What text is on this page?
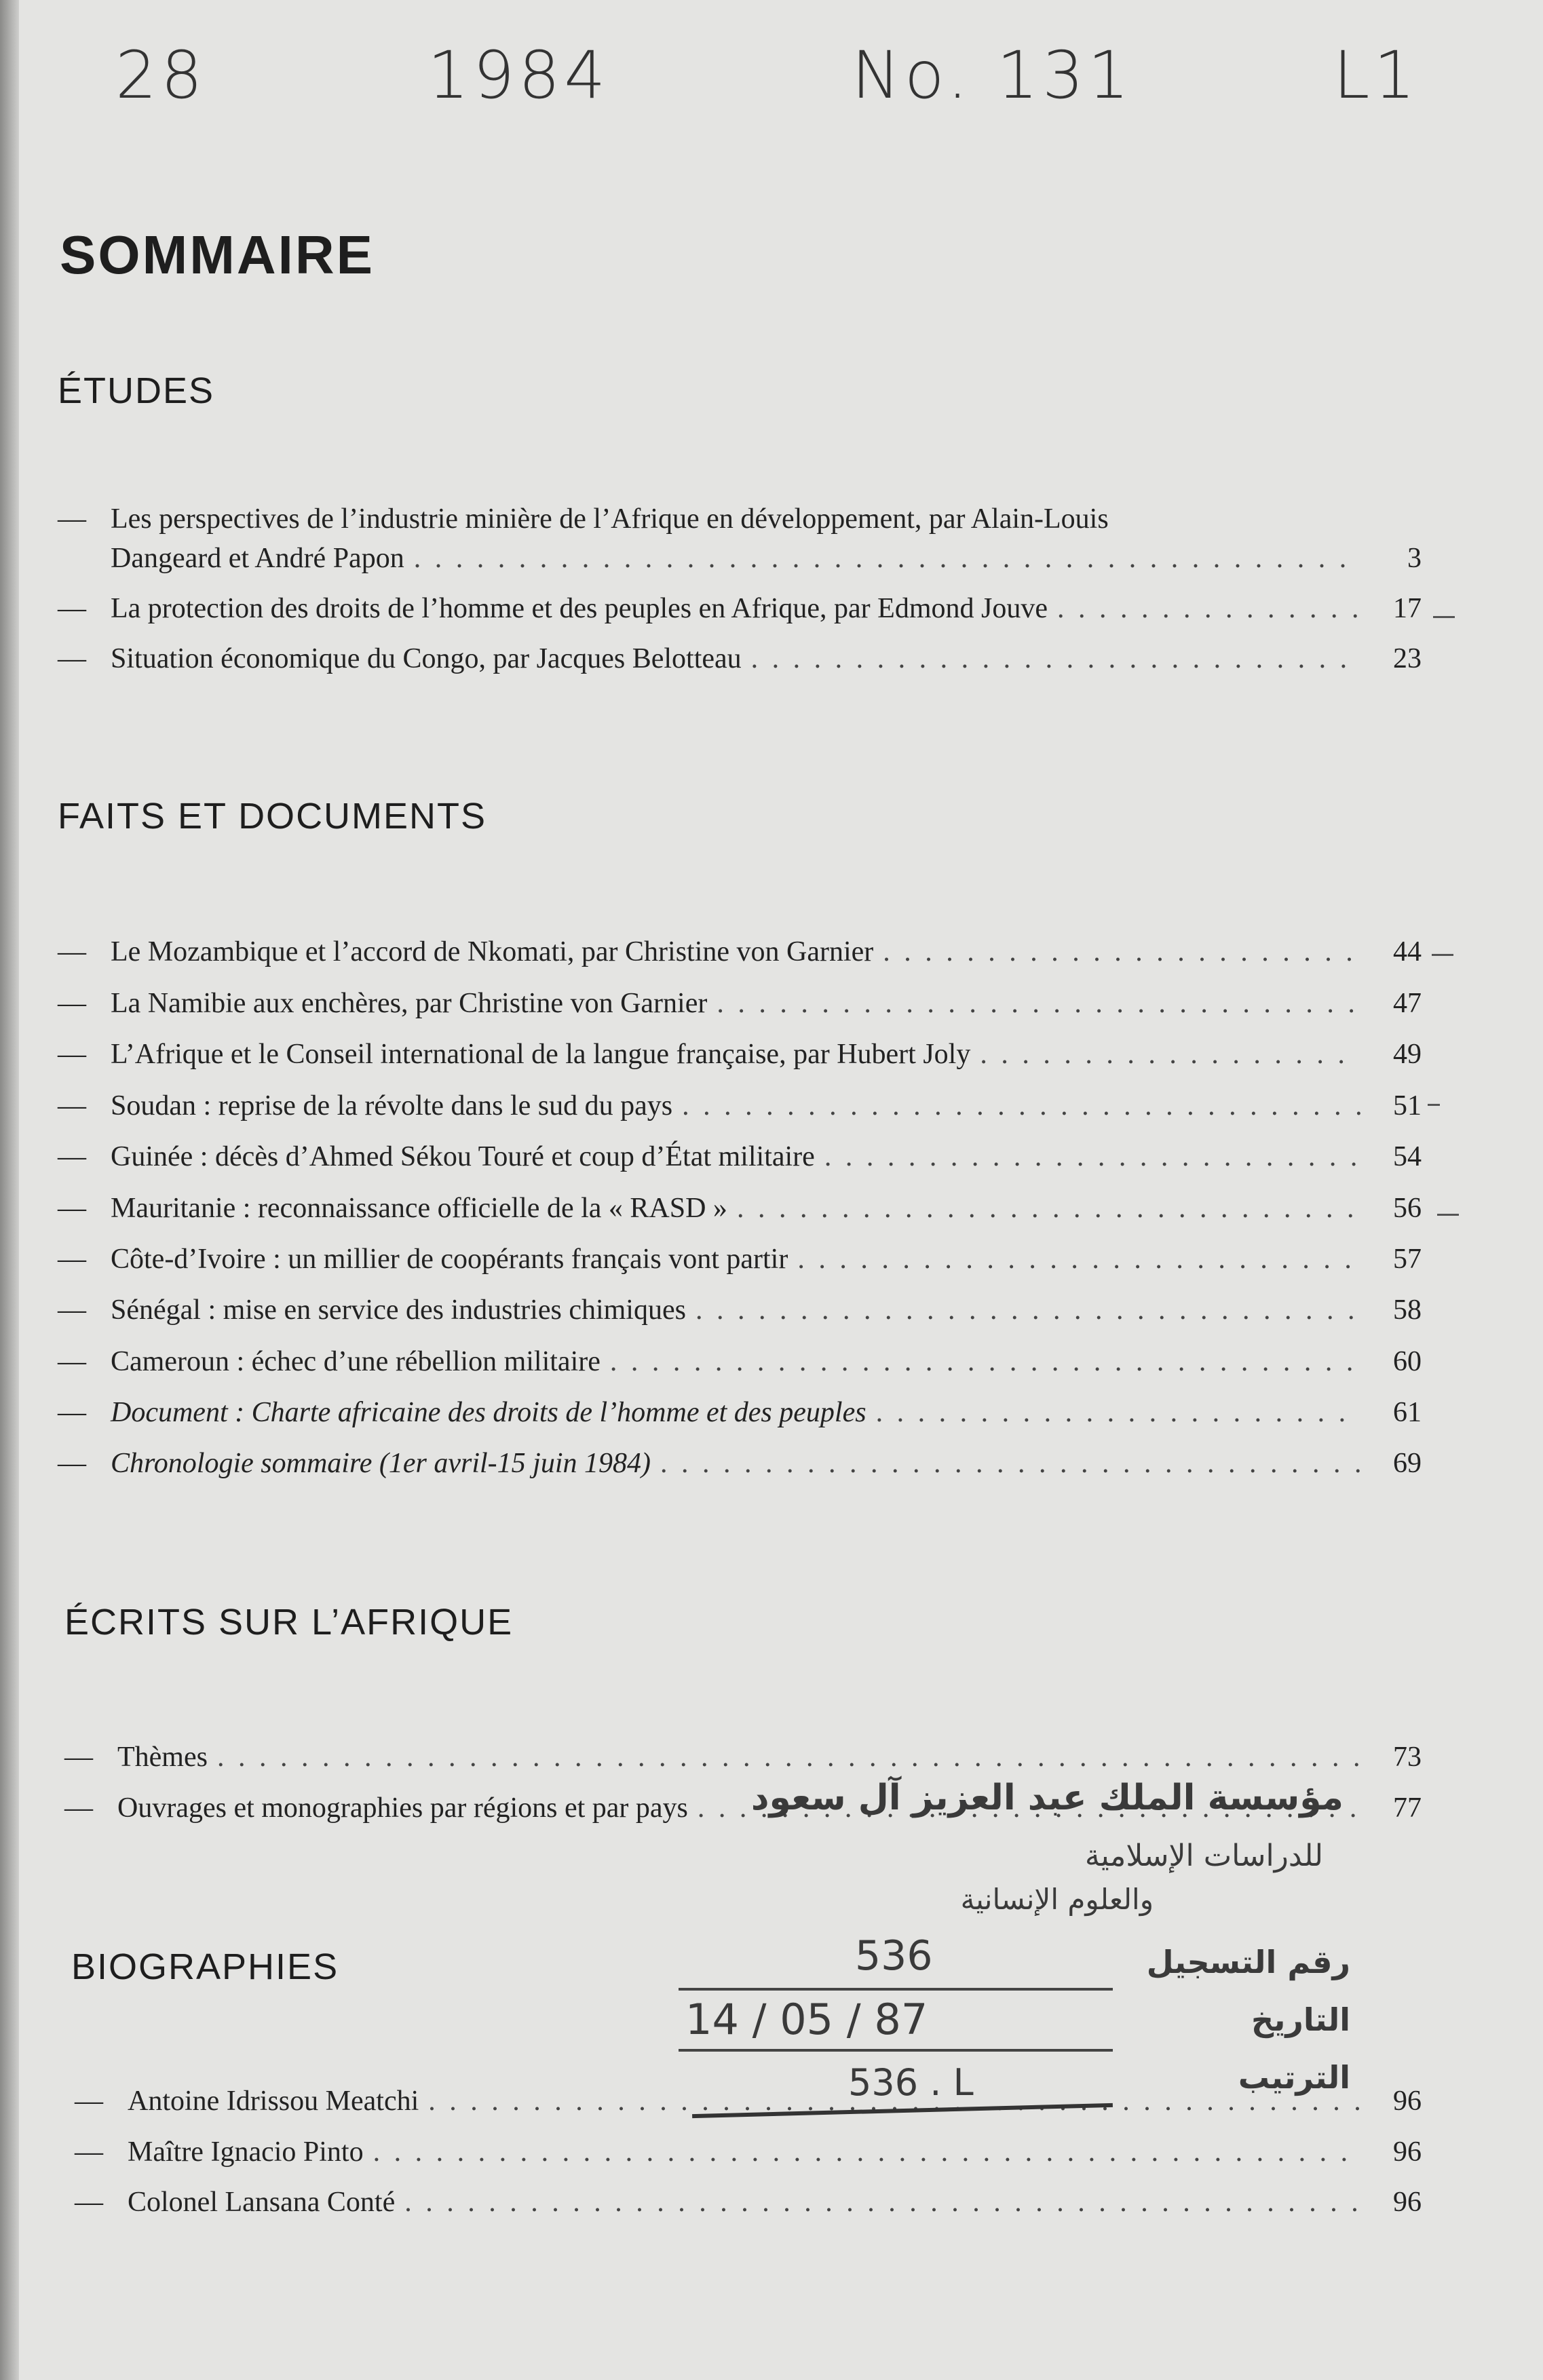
28	1984	No. 131	L1
SOMMAIRE
ÉTUDES
— Les perspectives de l’industrie minière de l’Afrique en développement, par Alain-Louis
Dangeard et André Papon . . .	3
— La protection des droits de l’homme et des peuples en Afrique, par Edmond Jouve . . .	17
— Situation économique du Congo, par Jacques Belotteau . . .	23
FAITS ET DOCUMENTS
— Le Mozambique et l’accord de Nkomati, par Christine von Garnier . . .	44
— La Namibie aux enchères, par Christine von Garnier . . .	47
— L’Afrique et le Conseil international de la langue française, par Hubert Joly . . .	49
— Soudan : reprise de la révolte dans le sud du pays . . .	51
— Guinée : décès d’Ahmed Sékou Touré et coup d’État militaire . . .	54
— Mauritanie : reconnaissance officielle de la « RASD » . . .	56
— Côte-d’Ivoire : un millier de coopérants français vont partir . . .	57
— Sénégal : mise en service des industries chimiques . . .	58
— Cameroun : échec d’une rébellion militaire . . .	60
— Document : Charte africaine des droits de l’homme et des peuples . . .	61
— Chronologie sommaire (1er avril-15 juin 1984) . . .	69
ÉCRITS SUR L’AFRIQUE
— Thèmes . . .	73
— Ouvrages et monographies par régions et par pays . . .	77
BIOGRAPHIES
— Antoine Idrissou Meatchi . . .	96
— Maître Ignacio Pinto . . .	96
— Colonel Lansana Conté . . .	96
مؤسسة الملك عبد العزيز آل سعود
للدراسات الإسلامية
والعلوم الإنسانية
رقم التسجيل
536
التاريخ
14 / 05 / 87
الترتيب
536 . L
